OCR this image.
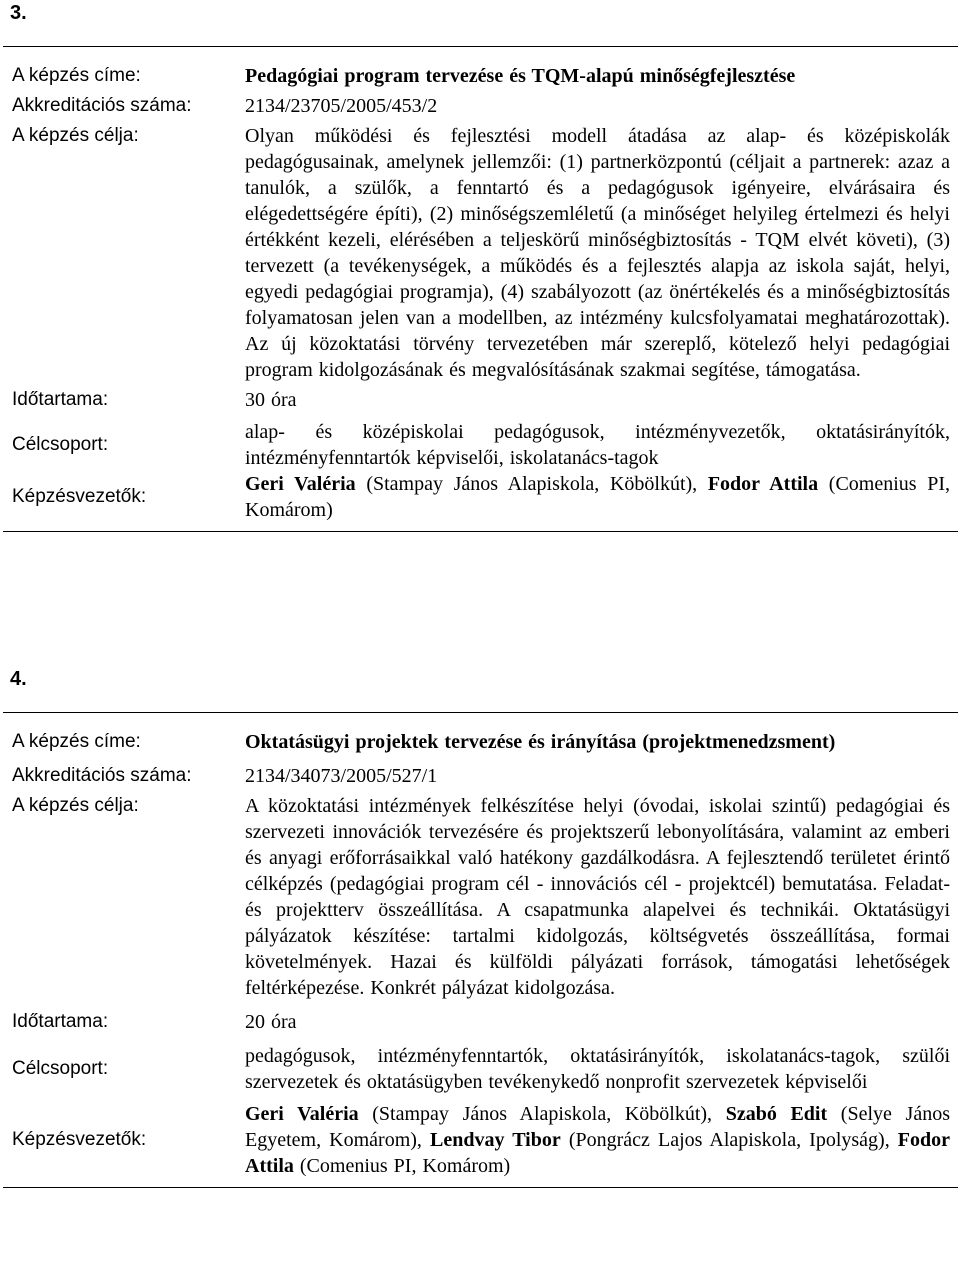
3.
A képzés címe:	Pedagógiai program tervezése és TQM-alapú minőségfejlesztése
Akkreditációs száma:	2134/23705/2005/453/2
A képzés célja:	Olyan működési és fejlesztési modell átadása az alap- és középiskolák pedagógusainak, amelynek jellemzői: (1) partnerközpontú (céljait a partnerek: azaz a tanulók, a szülők, a fenntartó és a pedagógusok igényeire, elvárásaira és elégedettségére építi), (2) minőségszemléletű (a minőséget helyileg értelmezi és helyi értékként kezeli, elérésében a teljeskörű minőségbiztosítás - TQM elvét követi), (3) tervezett (a tevékenységek, a működés és a fejlesztés alapja az iskola saját, helyi, egyedi pedagógiai programja), (4) szabályozott (az önértékelés és a minőségbiztosítás folyamatosan jelen van a modellben, az intézmény kulcsfolyamatai meghatározottak). Az új közoktatási törvény tervezetében már szereplő, kötelező helyi pedagógiai program kidolgozásának és megvalósításának szakmai segítése, támogatása.
Időtartama:	30 óra
Célcsoport:	alap- és középiskolai pedagógusok, intézményvezetők, oktatásirányítók, intézményfenntartók képviselői, iskolatanács-tagok
Képzésvezetők:	Geri Valéria (Stampay János Alapiskola, Köbölkút), Fodor Attila (Comenius PI, Komárom)
4.
A képzés címe:	Oktatásügyi projektek tervezése és irányítása (projektmenedzsment)
Akkreditációs száma:	2134/34073/2005/527/1
A képzés célja:	A közoktatási intézmények felkészítése helyi (óvodai, iskolai szintű) pedagógiai és szervezeti innovációk tervezésére és projektszerű lebonyolítására, valamint az emberi és anyagi erőforrásaikkal való hatékony gazdálkodásra. A fejlesztendő területet érintő célképzés (pedagógiai program cél - innovációs cél - projektcél) bemutatása. Feladat- és projektterv összeállítása. A csapatmunka alapelvei és technikái. Oktatásügyi pályázatok készítése: tartalmi kidolgozás, költségvetés összeállítása, formai követelmények. Hazai és külföldi pályázati források, támogatási lehetőségek feltérképezése. Konkrét pályázat kidolgozása.
Időtartama:	20 óra
Célcsoport:	pedagógusok, intézményfenntartók, oktatásirányítók, iskolatanács-tagok, szülői szervezetek és oktatásügyben tevékenykedő nonprofit szervezetek képviselői
Képzésvezetők:	Geri Valéria (Stampay János Alapiskola, Köbölkút), Szabó Edit (Selye János Egyetem, Komárom), Lendvay Tibor (Pongrácz Lajos Alapiskola, Ipolyság), Fodor Attila (Comenius PI, Komárom)
